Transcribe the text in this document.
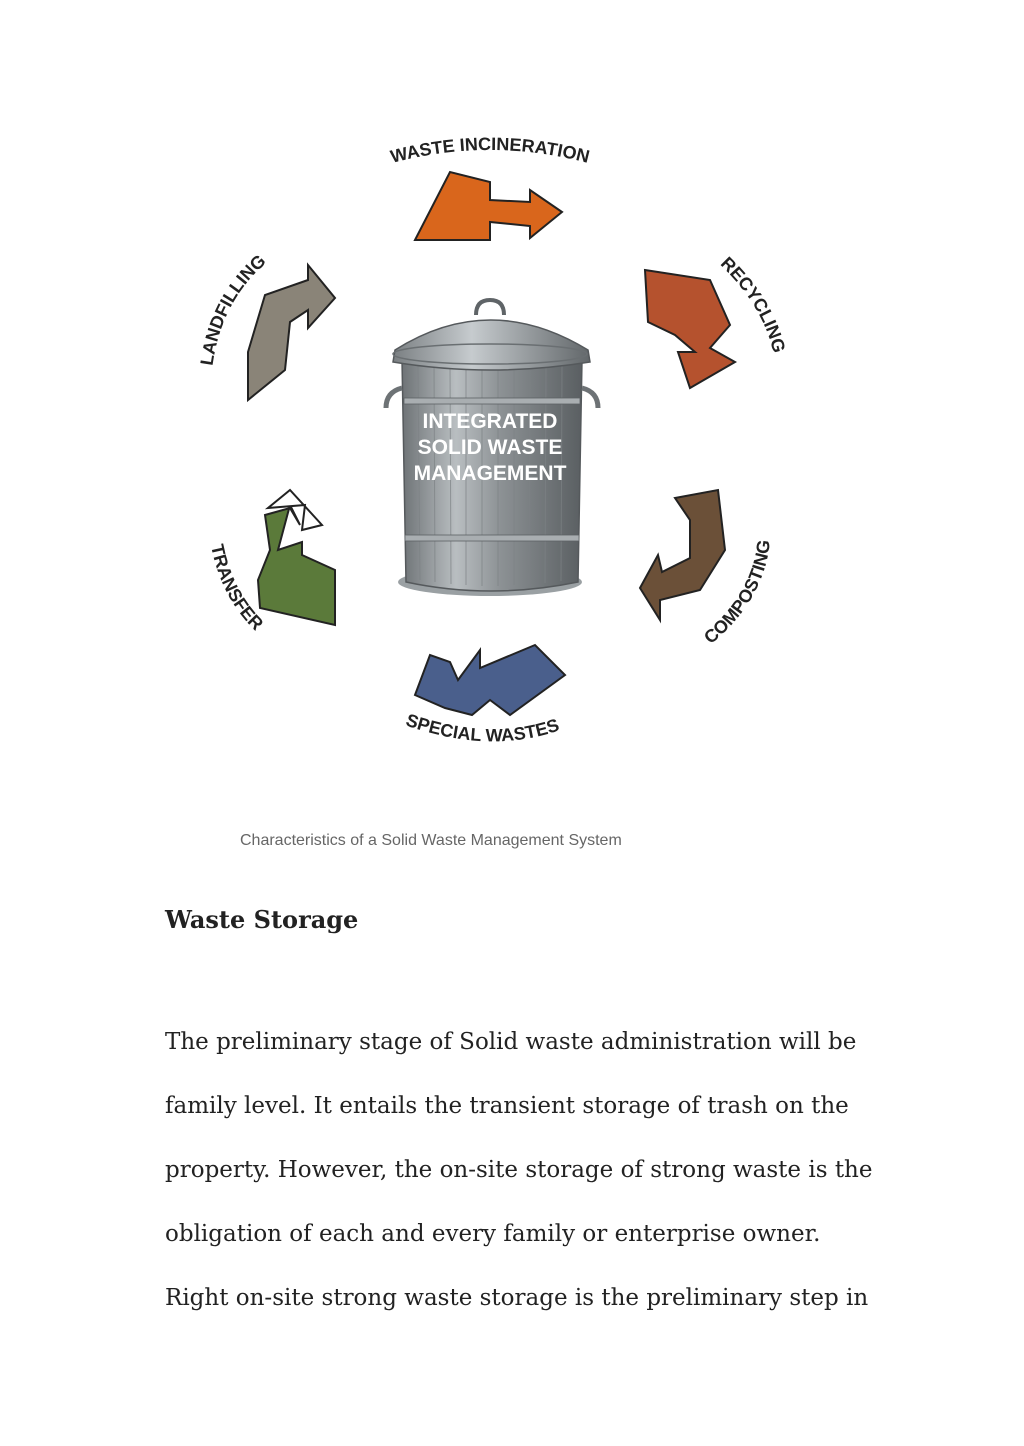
INTEGRATED
SOLID WASTE
MANAGEMENT
WASTE INCINERATION
RECYCLING
COMPOSTING
SPECIAL WASTES
TRANSFER
LANDFILLING
Characteristics of a Solid Waste Management System
Waste Storage

The preliminary stage of Solid waste administration will be
family level. It entails the transient storage of trash on the
property. However, the on-site storage of strong waste is the
obligation of each and every family or enterprise owner.
Right on-site strong waste storage is the preliminary step in
